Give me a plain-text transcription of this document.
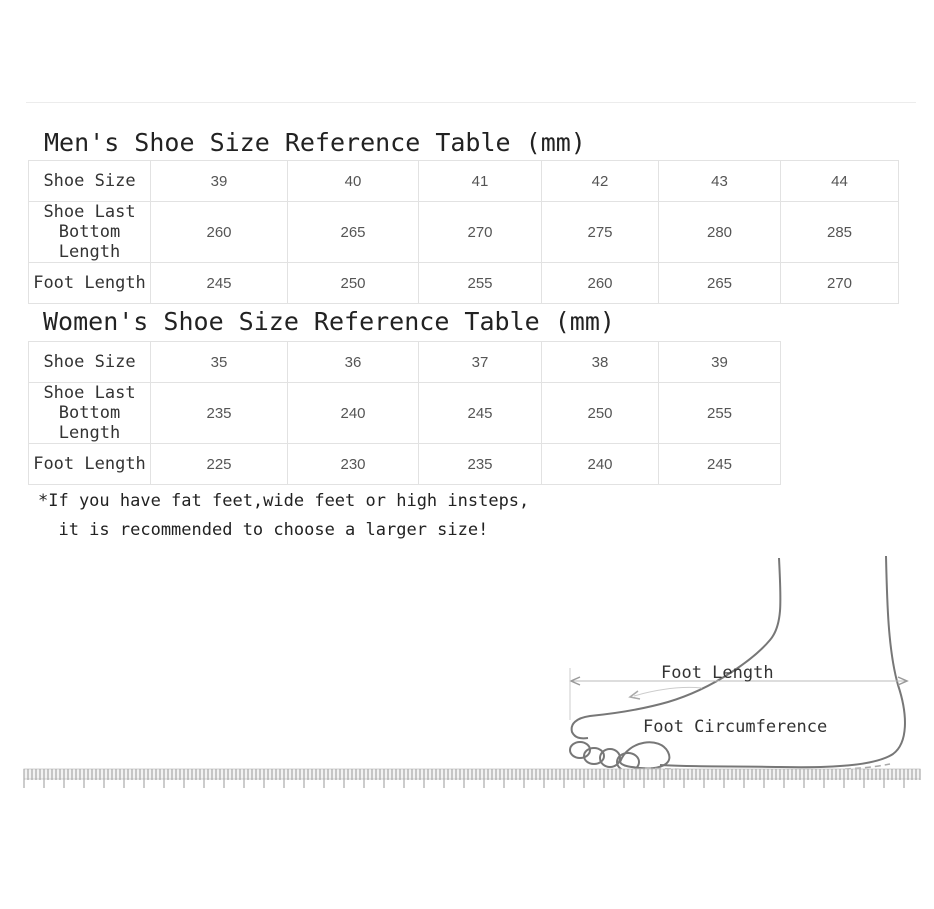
Men's Shoe Size Reference Table (mm)
Shoe Size	39	40	41	42	43	44
Shoe Last
Bottom Length	260	265	270	275	280	285
Foot Length	245	250	255	260	265	270
Women's Shoe Size Reference Table (mm)
Shoe Size	35	36	37	38	39
Shoe Last
Bottom Length	235	240	245	250	255
Foot Length	225	230	235	240	245
*If you have fat feet,wide feet or high insteps,
it is recommended to choose a larger size!
Foot Length
Foot Circumference
